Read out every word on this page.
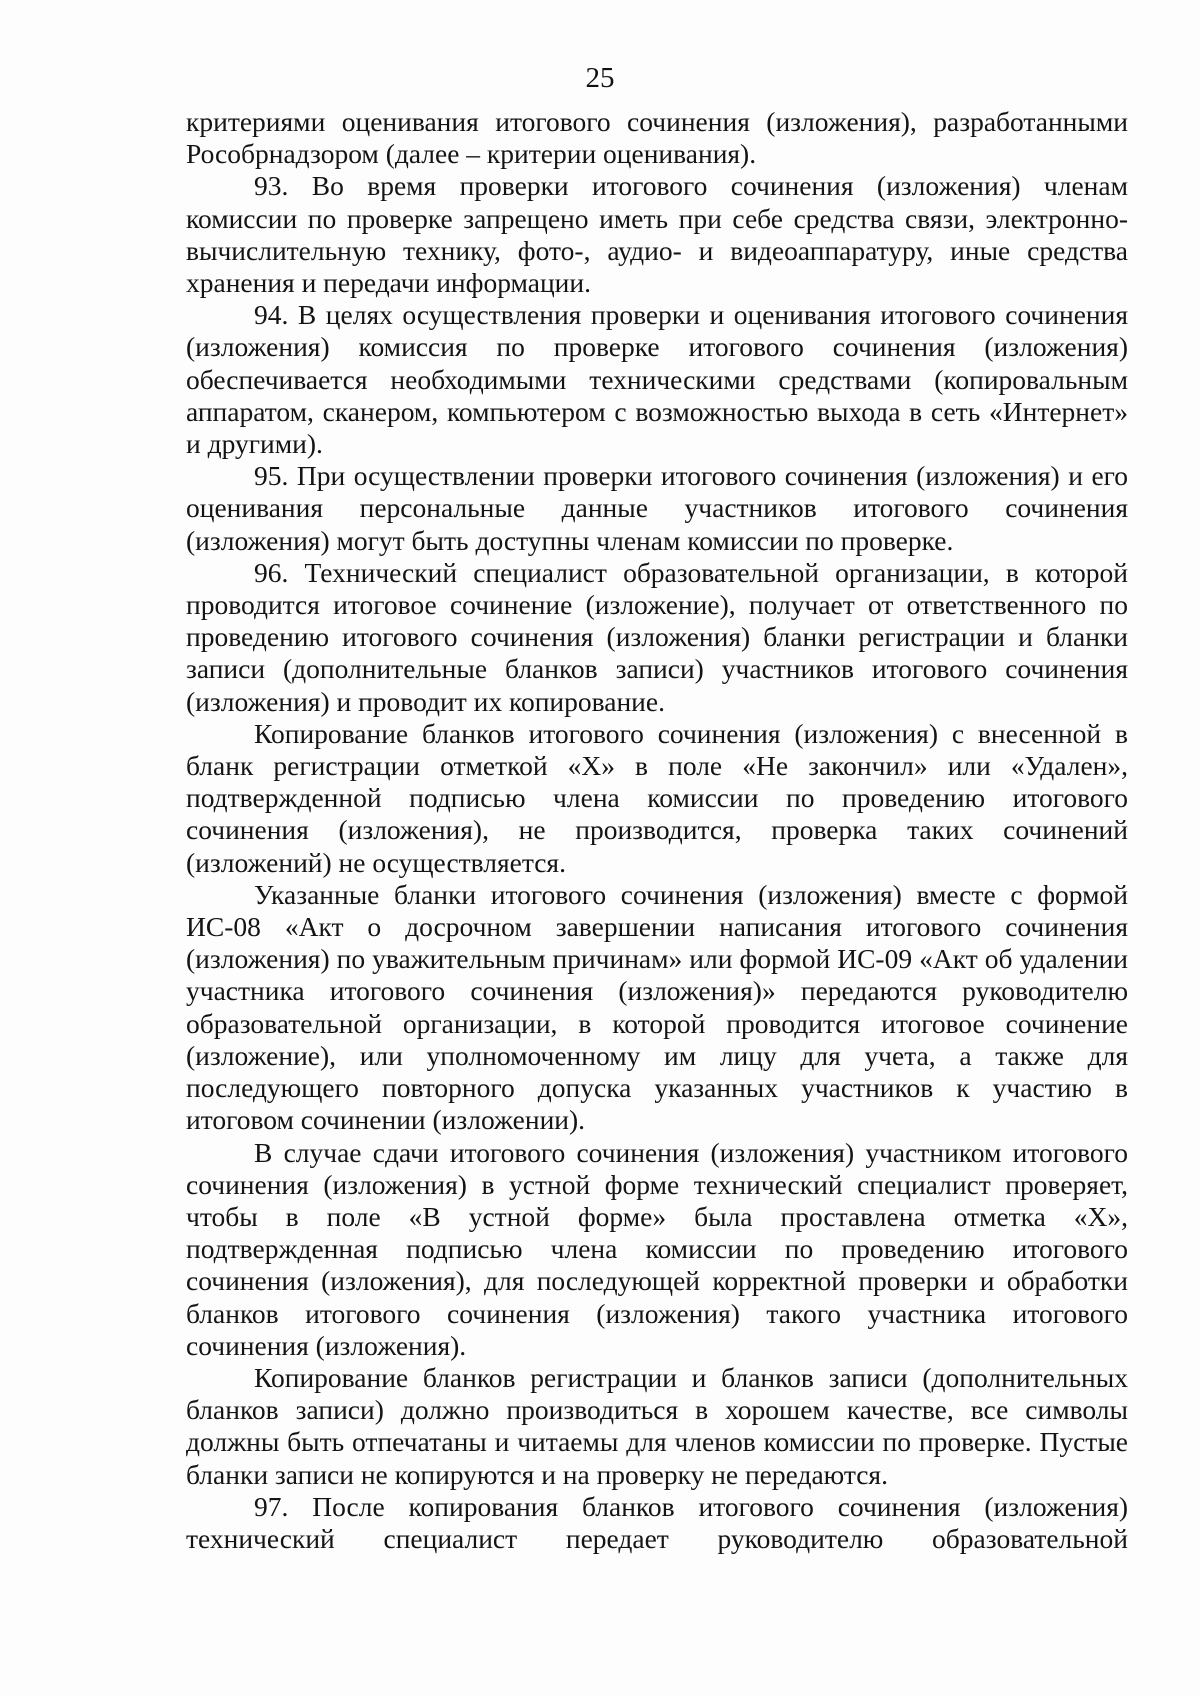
25

критериями оценивания итогового сочинения (изложения), разработанными Рособрнадзором (далее – критерии оценивания).

93. Во время проверки итогового сочинения (изложения) членам комиссии по проверке запрещено иметь при себе средства связи, электронно-вычислительную технику, фото-, аудио- и видеоаппаратуру, иные средства хранения и передачи информации.

94. В целях осуществления проверки и оценивания итогового сочинения (изложения) комиссия по проверке итогового сочинения (изложения) обеспечивается необходимыми техническими средствами (копировальным аппаратом, сканером, компьютером с возможностью выхода в сеть «Интернет» и другими).

95. При осуществлении проверки итогового сочинения (изложения) и его оценивания персональные данные участников итогового сочинения (изложения) могут быть доступны членам комиссии по проверке.

96. Технический специалист образовательной организации, в которой проводится итоговое сочинение (изложение), получает от ответственного по проведению итогового сочинения (изложения) бланки регистрации и бланки записи (дополнительные бланков записи) участников итогового сочинения (изложения) и проводит их копирование.

Копирование бланков итогового сочинения (изложения) с внесенной в бланк регистрации отметкой «Х» в поле «Не закончил» или «Удален», подтвержденной подписью члена комиссии по проведению итогового сочинения (изложения), не производится, проверка таких сочинений (изложений) не осуществляется.

Указанные бланки итогового сочинения (изложения) вместе с формой ИС-08 «Акт о досрочном завершении написания итогового сочинения (изложения) по уважительным причинам» или формой ИС-09 «Акт об удалении участника итогового сочинения (изложения)» передаются руководителю образовательной организации, в которой проводится итоговое сочинение (изложение), или уполномоченному им лицу для учета, а также для последующего повторного допуска указанных участников к участию в итоговом сочинении (изложении).

В случае сдачи итогового сочинения (изложения) участником итогового сочинения (изложения) в устной форме технический специалист проверяет, чтобы в поле «В устной форме» была проставлена отметка «Х», подтвержденная подписью члена комиссии по проведению итогового сочинения (изложения), для последующей корректной проверки и обработки бланков итогового сочинения (изложения) такого участника итогового сочинения (изложения).

Копирование бланков регистрации и бланков записи (дополнительных бланков записи) должно производиться в хорошем качестве, все символы должны быть отпечатаны и читаемы для членов комиссии по проверке. Пустые бланки записи не копируются и на проверку не передаются.

97. После копирования бланков итогового сочинения (изложения) технический специалист передает руководителю образовательной
